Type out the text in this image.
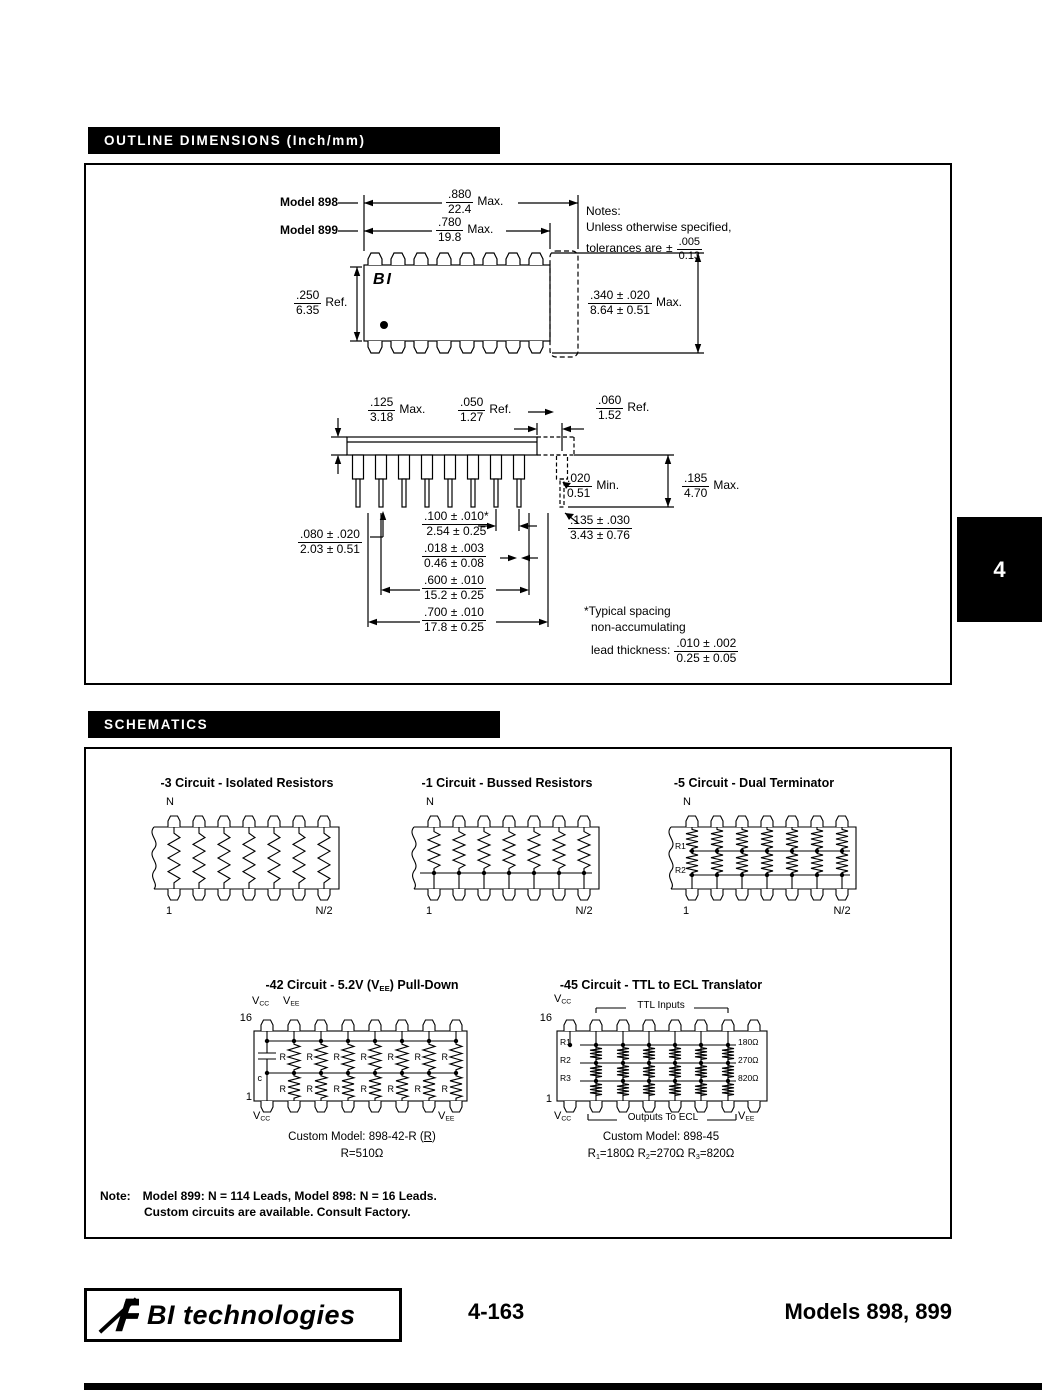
OUTLINE DIMENSIONS (Inch/mm)
Model 898
Model 899
$\frac{.880}{22.4}$ Max.
$\frac{.780}{19.8}$ Max.
Notes:
Unless otherwise specified,
tolerances are ± $\frac{.005}{0.13}$
$\frac{.250}{6.35}$ Ref.	$\frac{.340 \pm .020}{8.64 \pm 0.51}$ Max.
BI
$\frac{.125}{3.18}$ Max.	$\frac{.050}{1.27}$ Ref.	$\frac{.060}{1.52}$ Ref.
$\frac{.020}{0.51}$ Min.	$\frac{.185}{4.70}$ Max.
$\frac{.080 \pm .020}{2.03 \pm 0.51}$
$\frac{.100 \pm .010*}{2.54 \pm 0.25}$
$\frac{.018 \pm .003}{0.46 \pm 0.08}$
$\frac{.600 \pm .010}{15.2 \pm 0.25}$
$\frac{.700 \pm .010}{17.8 \pm 0.25}$
$\frac{.135 \pm .030}{3.43 \pm 0.76}$
*Typical spacing
non-accumulating
lead thickness: $\frac{.010 \pm .002}{0.25 \pm 0.05}$
4
SCHEMATICS
R R R R R R R
R R R R R R R
c
-3 Circuit - Isolated Resistors	-1 Circuit - Bussed Resistors	-5 Circuit - Dual Terminator
N
1	N/2
N
1	N/2
N
1	N/2
R1
R2
-42 Circuit - 5.2V $(V_{EE})$ Pull-Down
$V_{CC}$ $V_{EE}$
16
1
$V_{CC}$	$V_{EE}$
Custom Model: 898-42-R (R)
R=510Ω
-45 Circuit - TTL to ECL Translator
$V_{CC}$	TTL Inputs
16
1
R1
R2
R3
180Ω
270Ω
820Ω
$V_{CC}$	Outputs To ECL	$V_{EE}$
Custom Model: 898-45
$R_1=180\Omega$ $R_2=270\Omega$ $R_3=820\Omega$
Note: Model 899: N = 114 Leads, Model 898: N = 16 Leads.
Custom circuits are available. Consult Factory.
BI technologies	4-163	Models 898, 899
